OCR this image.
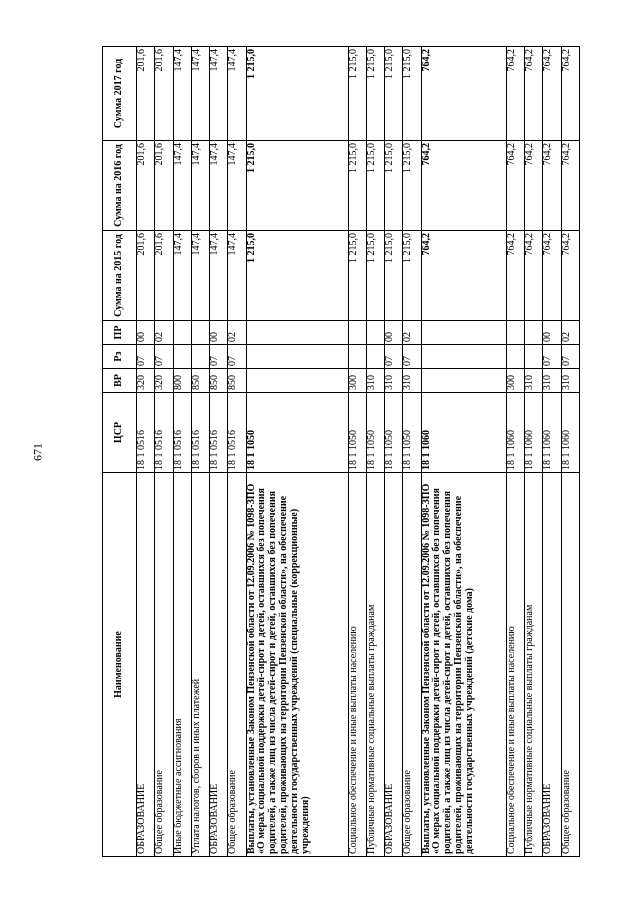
671
Наименование	ЦСР	ВР	Рз	ПР	Сумма на 2015 год	Сумма на 2016 год	Сумма 2017 год
ОБРАЗОВАНИЕ	18 1 0516	320	07	00	201,6	201,6	201,6
Общее образование	18 1 0516	320	07	02	201,6	201,6	201,6
Иные бюджетные ассигнования	18 1 0516	800			147,4	147,4	147,4
Уплата налогов, сборов и иных платежей	18 1 0516	850			147,4	147,4	147,4
ОБРАЗОВАНИЕ	18 1 0516	850	07	00	147,4	147,4	147,4
Общее образование	18 1 0516	850	07	02	147,4	147,4	147,4
Выплаты, установленные Законом Пензенской области от 12.09.2006 № 1098-ЗПО «О мерах социальной поддержки детей-сирот и детей, оставшихся без попечения родителей, а также лиц из числа детей-сирот и детей, оставшихся без попечения родителей, проживающих на территории Пензенской области», на обеспечение деятельности государственных учреждений (специальные (коррекционные) учреждения)	18 1 1050				1 215,0	1 215,0	1 215,0
Социальное обеспечение и иные выплаты населению	18 1 1050	300			1 215,0	1 215,0	1 215,0
Публичные нормативные социальные выплаты гражданам	18 1 1050	310			1 215,0	1 215,0	1 215,0
ОБРАЗОВАНИЕ	18 1 1050	310	07	00	1 215,0	1 215,0	1 215,0
Общее образование	18 1 1050	310	07	02	1 215,0	1 215,0	1 215,0
Выплаты, установленные Законом Пензенской области от 12.09.2006 № 1098-ЗПО «О мерах социальной поддержки детей-сирот и детей, оставшихся без попечения родителей, а также лиц из числа детей-сирот и детей, оставшихся без попечения родителей, проживающих на территории Пензенской области», на обеспечение деятельности государственных учреждений (детские дома)	18 1 1060				764,2	764,2	764,2
Социальное обеспечение и иные выплаты населению	18 1 1060	300			764,2	764,2	764,2
Публичные нормативные социальные выплаты гражданам	18 1 1060	310			764,2	764,2	764,2
ОБРАЗОВАНИЕ	18 1 1060	310	07	00	764,2	764,2	764,2
Общее образование	18 1 1060	310	07	02	764,2	764,2	764,2
